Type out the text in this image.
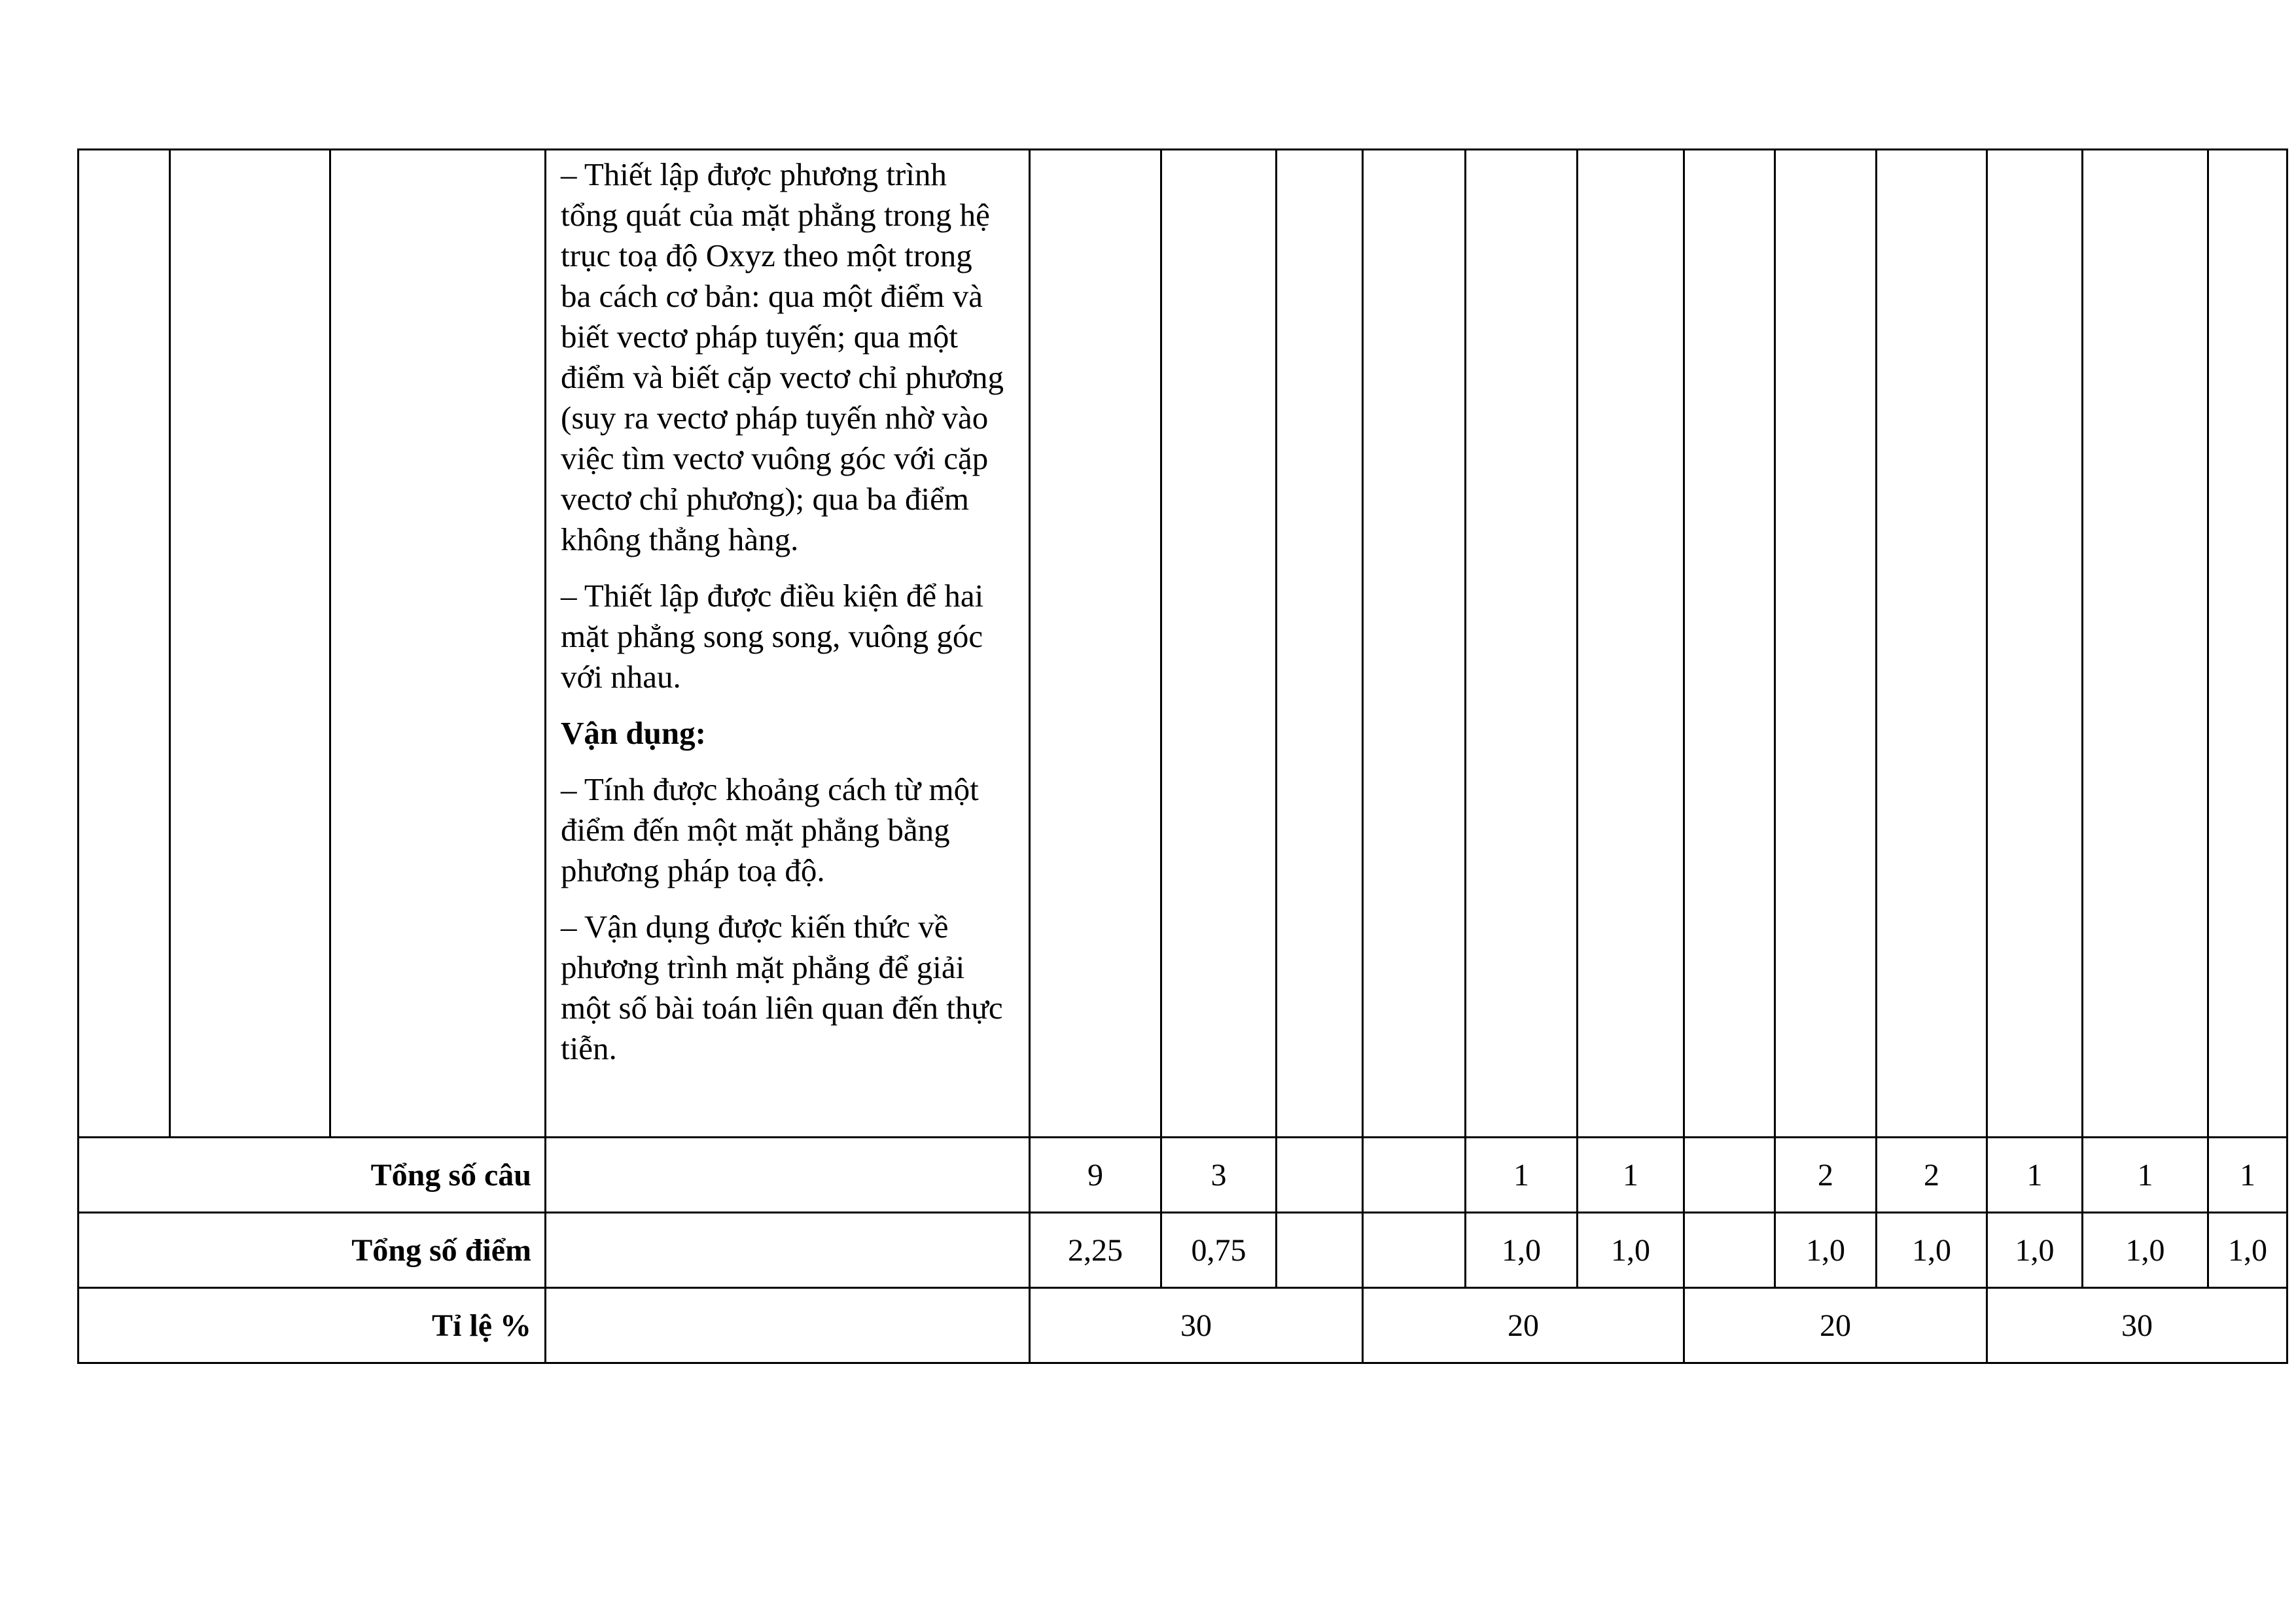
			– Thiết lập được phương trình tổng quát của mặt phẳng trong hệ trục toạ độ Oxyz theo một trong ba cách cơ bản: qua một điểm và biết vectơ pháp tuyến; qua một điểm và biết cặp vectơ chỉ phương (suy ra vectơ pháp tuyến nhờ vào việc tìm vectơ vuông góc với cặp vectơ chỉ phương); qua ba điểm không thẳng hàng.

– Thiết lập được điều kiện để hai mặt phẳng song song, vuông góc với nhau.

Vận dụng:

– Tính được khoảng cách từ một điểm đến một mặt phẳng bằng phương pháp toạ độ.

– Vận dụng được kiến thức về phương trình mặt phẳng để giải một số bài toán liên quan đến thực tiễn.												

Tổng số câu				9	3			1	1		2	2	1	1	1
Tổng số điểm				2,25	0,75			1,0	1,0		1,0	1,0	1,0	1,0	1,0
Tỉ lệ %				30			20			20			30		
